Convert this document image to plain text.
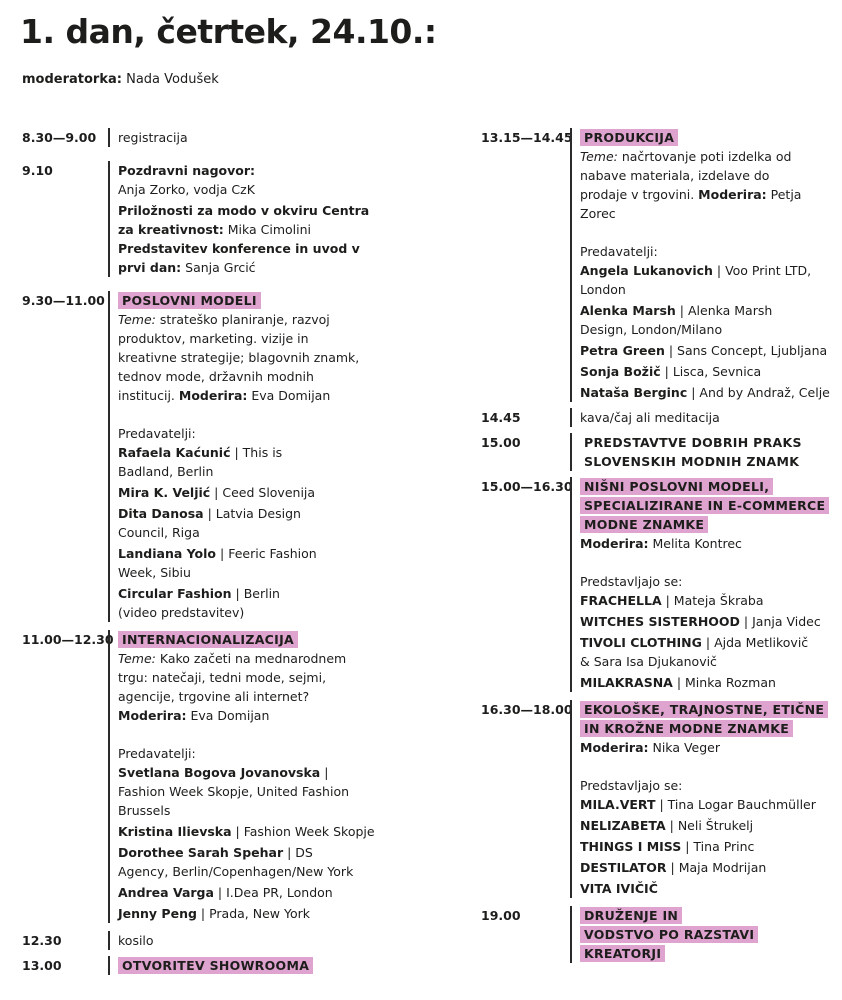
1. dan, četrtek, 24.10.:
moderatorka: Nada Vodušek
8.30—9.00	registracija
9.10	Pozdravni nagovor:
Anja Zorko, vodja CzK
Priložnosti za modo v okviru Centra
za kreativnost: Mika Cimolini
Predstavitev konference in uvod v
prvi dan: Sanja Grcić
9.30—11.00	POSLOVNI MODELI
Teme: strateško planiranje, razvoj produktov, marketing. vizije in kreativne strategije; blagovnih znamk, tednov mode, državnih modnih institucij. Moderira: Eva Domijan
Predavatelji:
Rafaela Kaćunić | This is Badland, Berlin
Mira K. Veljić | Ceed Slovenija
Dita Danosa | Latvia Design Council, Riga
Landiana Yolo | Feeric Fashion Week, Sibiu
Circular Fashion | Berlin (video predstavitev)
11.00—12.30 INTERNACIONALIZACIJA
Teme: Kako začeti na mednarodnem trgu: natečaji, tedni mode, sejmi, agencije, trgovine ali internet?
Moderira: Eva Domijan
Predavatelji:
Svetlana Bogova Jovanovska | Fashion Week Skopje, United Fashion Brussels
Kristina Ilievska | Fashion Week Skopje
Dorothee Sarah Spehar | DS Agency, Berlin/Copenhagen/New York
Andrea Varga | I.Dea PR, London
Jenny Peng | Prada, New York
12.30	kosilo
13.00	OTVORITEV SHOWROOMA
13.15—14.45 PRODUKCIJA
Teme: načrtovanje poti izdelka od nabave materiala, izdelave do prodaje v trgovini. Moderira: Petja Zorec
Predavatelji:
Angela Lukanovich | Voo Print LTD, London
Alenka Marsh | Alenka Marsh Design, London/Milano
Petra Green | Sans Concept, Ljubljana
Sonja Božič | Lisca, Sevnica
Nataša Berginc | And by Andraž, Celje
14.45	kava/čaj ali meditacija
15.00	PREDSTAVTVE DOBRIH PRAKS
SLOVENSKIH MODNIH ZNAMK
15.00—16.30 NIŠNI POSLOVNI MODELI,
SPECIALIZIRANE IN E-COMMERCE
MODNE ZNAMKE
Moderira: Melita Kontrec
Predstavljajo se:
FRACHELLA | Mateja Škraba
WITCHES SISTERHOOD | Janja Videc
TIVOLI CLOTHING | Ajda Metlikovič & Sara Isa Djukanovič
MILAKRASNA | Minka Rozman
16.30—18.00 EKOLOŠKE, TRAJNOSTNE, ETIČNE
IN KROŽNE MODNE ZNAMKE
Moderira: Nika Veger
Predstavljajo se:
MILA.VERT | Tina Logar Bauchmüller
NELIZABETA | Neli Štrukelj
THINGS I MISS | Tina Princ
DESTILATOR | Maja Modrijan
VITA IVIČIČ
19.00	DRUŽENJE IN
VODSTVO PO RAZSTAVI
KREATORJI
